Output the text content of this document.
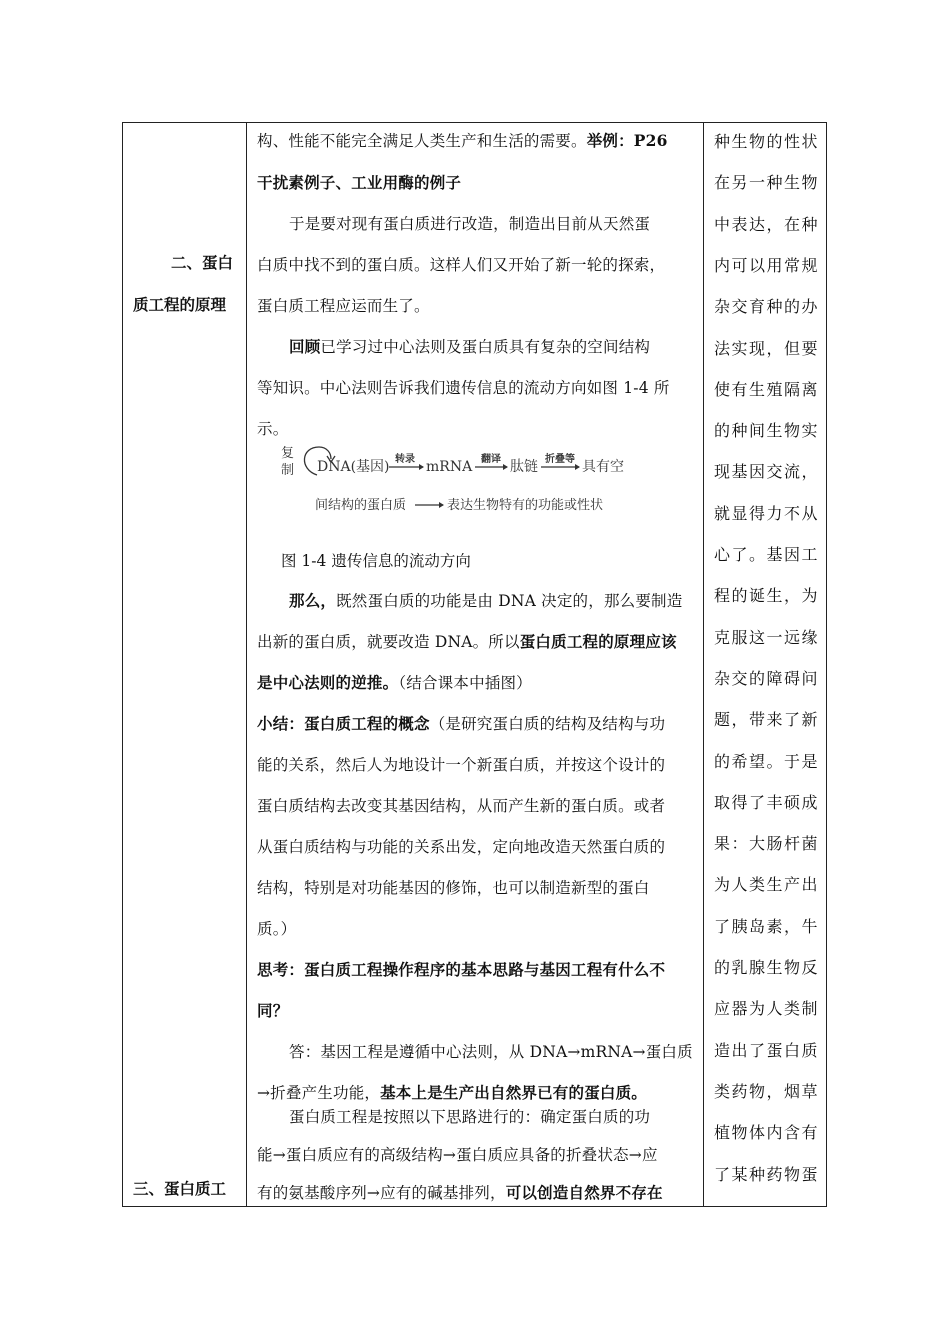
二、蛋白
质工程的原理
三、蛋白质工
构、性能不能完全满足人类生产和生活的需要。举例：P26
干扰素例子、工业用酶的例子
于是要对现有蛋白质进行改造，制造出目前从天然蛋
白质中找不到的蛋白质。这样人们又开始了新一轮的探索，
蛋白质工程应运而生了。
回顾已学习过中心法则及蛋白质具有复杂的空间结构
等知识。中心法则告诉我们遗传信息的流动方向如图 1-4 所
示。
复
制 DNA(基因) 转录 mRNA 翻译 肽链 折叠等 具有空
间结构的蛋白质	表达生物特有的功能或性状
图 1-4 遗传信息的流动方向
那么，既然蛋白质的功能是由 DNA 决定的，那么要制造
出新的蛋白质，就要改造 DNA。所以蛋白质工程的原理应该
是中心法则的逆推。（结合课本中插图）
小结：蛋白质工程的概念（是研究蛋白质的结构及结构与功
能的关系，然后人为地设计一个新蛋白质，并按这个设计的
蛋白质结构去改变其基因结构，从而产生新的蛋白质。或者
从蛋白质结构与功能的关系出发，定向地改造天然蛋白质的
结构，特别是对功能基因的修饰，也可以制造新型的蛋白
质。）
思考：蛋白质工程操作程序的基本思路与基因工程有什么不
同？
答：基因工程是遵循中心法则，从 DNA→mRNA→蛋白质
→折叠产生功能，基本上是生产出自然界已有的蛋白质。
蛋白质工程是按照以下思路进行的：确定蛋白质的功
能→蛋白质应有的高级结构→蛋白质应具备的折叠状态→应
有的氨基酸序列→应有的碱基排列，可以创造自然界不存在
种生物的性状
在另一种生物
中表达，在种
内可以用常规
杂交育种的办
法实现，但要
使有生殖隔离
的种间生物实
现基因交流，
就显得力不从
心了。基因工
程的诞生，为
克服这一远缘
杂交的障碍问
题，带来了新
的希望。于是
取得了丰硕成
果：大肠杆菌
为人类生产出
了胰岛素，牛
的乳腺生物反
应器为人类制
造出了蛋白质
类药物，烟草
植物体内含有
了某种药物蛋
